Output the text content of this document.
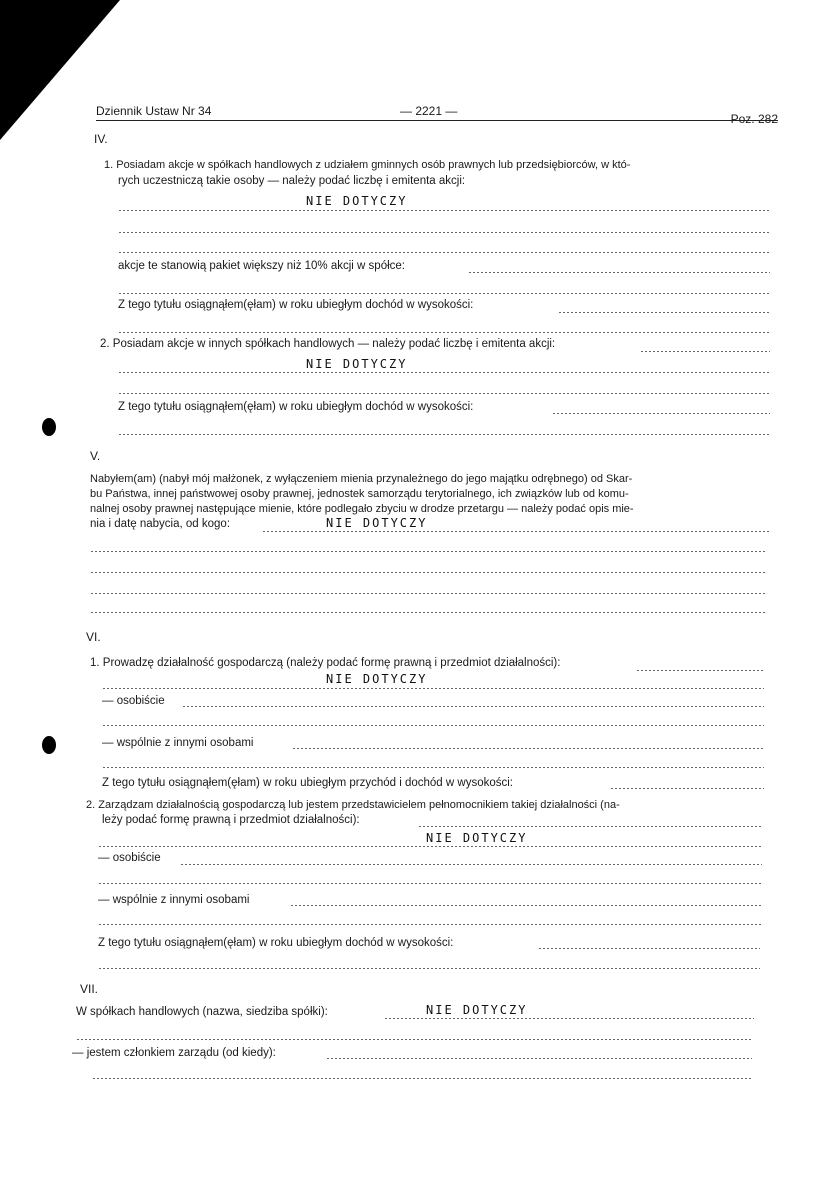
Dziennik Ustaw Nr 34	— 2221 —
Poz. 282
IV.
1. Posiadam akcje w spółkach handlowych z udziałem gminnych osób prawnych lub przedsiębiorców, w któ-
rych uczestniczą takie osoby — należy podać liczbę i emitenta akcji:
NIE DOTYCZY
akcje te stanowią pakiet większy niż 10% akcji w spółce:
Z tego tytułu osiągnąłem(ęłam) w roku ubiegłym dochód w wysokości:
2. Posiadam akcje w innych spółkach handlowych — należy podać liczbę i emitenta akcji:
NIE DOTYCZY
Z tego tytułu osiągnąłem(ęłam) w roku ubiegłym dochód w wysokości:
V.
Nabyłem(am) (nabył mój małżonek, z wyłączeniem mienia przynależnego do jego majątku odrębnego) od Skar-
bu Państwa, innej państwowej osoby prawnej, jednostek samorządu terytorialnego, ich związków lub od komu-
nalnej osoby prawnej następujące mienie, które podlegało zbyciu w drodze przetargu — należy podać opis mie-
nia i datę nabycia, od kogo:	NIE DOTYCZY
VI.
1. Prowadzę działalność gospodarczą (należy podać formę prawną i przedmiot działalności):
NIE DOTYCZY
— osobiście
— wspólnie z innymi osobami
Z tego tytułu osiągnąłem(ęłam) w roku ubiegłym przychód i dochód w wysokości:
2. Zarządzam działalnością gospodarczą lub jestem przedstawicielem pełnomocnikiem takiej działalności (na-
leży podać formę prawną i przedmiot działalności):
NIE DOTYCZY
— osobiście
— wspólnie z innymi osobami
Z tego tytułu osiągnąłem(ęłam) w roku ubiegłym dochód w wysokości:
VII.
W spółkach handlowych (nazwa, siedziba spółki):	NIE DOTYCZY
— jestem członkiem zarządu (od kiedy):
